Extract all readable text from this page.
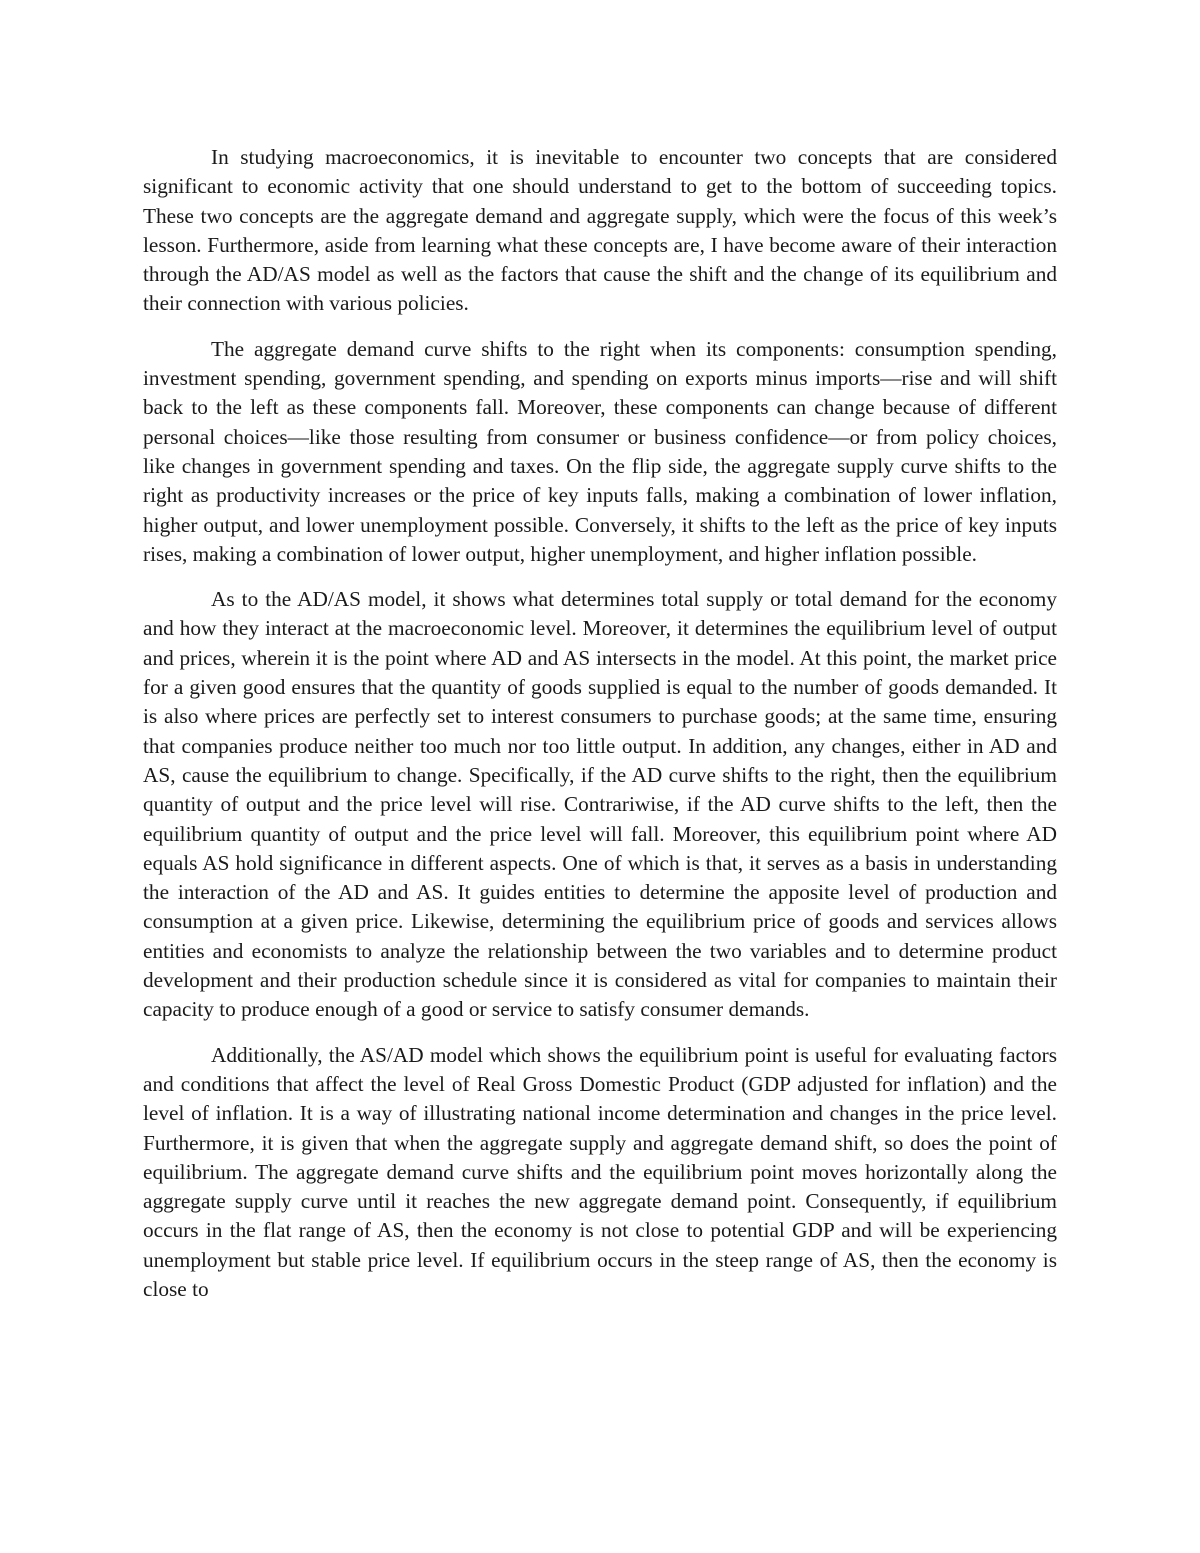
In studying macroeconomics, it is inevitable to encounter two concepts that are considered significant to economic activity that one should understand to get to the bottom of succeeding topics. These two concepts are the aggregate demand and aggregate supply, which were the focus of this week’s lesson. Furthermore, aside from learning what these concepts are, I have become aware of their interaction through the AD/AS model as well as the factors that cause the shift and the change of its equilibrium and their connection with various policies.

The aggregate demand curve shifts to the right when its components: consumption spending, investment spending, government spending, and spending on exports minus imports—rise and will shift back to the left as these components fall. Moreover, these components can change because of different personal choices—like those resulting from consumer or business confidence—or from policy choices, like changes in government spending and taxes. On the flip side, the aggregate supply curve shifts to the right as productivity increases or the price of key inputs falls, making a combination of lower inflation, higher output, and lower unemployment possible. Conversely, it shifts to the left as the price of key inputs rises, making a combination of lower output, higher unemployment, and higher inflation possible.

As to the AD/AS model, it shows what determines total supply or total demand for the economy and how they interact at the macroeconomic level. Moreover, it determines the equilibrium level of output and prices, wherein it is the point where AD and AS intersects in the model. At this point, the market price for a given good ensures that the quantity of goods supplied is equal to the number of goods demanded. It is also where prices are perfectly set to interest consumers to purchase goods; at the same time, ensuring that companies produce neither too much nor too little output. In addition, any changes, either in AD and AS, cause the equilibrium to change. Specifically, if the AD curve shifts to the right, then the equilibrium quantity of output and the price level will rise. Contrariwise, if the AD curve shifts to the left, then the equilibrium quantity of output and the price level will fall. Moreover, this equilibrium point where AD equals AS hold significance in different aspects. One of which is that, it serves as a basis in understanding the interaction of the AD and AS. It guides entities to determine the apposite level of production and consumption at a given price. Likewise, determining the equilibrium price of goods and services allows entities and economists to analyze the relationship between the two variables and to determine product development and their production schedule since it is considered as vital for companies to maintain their capacity to produce enough of a good or service to satisfy consumer demands.

Additionally, the AS/AD model which shows the equilibrium point is useful for evaluating factors and conditions that affect the level of Real Gross Domestic Product (GDP adjusted for inflation) and the level of inflation. It is a way of illustrating national income determination and changes in the price level. Furthermore, it is given that when the aggregate supply and aggregate demand shift, so does the point of equilibrium. The aggregate demand curve shifts and the equilibrium point moves horizontally along the aggregate supply curve until it reaches the new aggregate demand point. Consequently, if equilibrium occurs in the flat range of AS, then the economy is not close to potential GDP and will be experiencing unemployment but stable price level. If equilibrium occurs in the steep range of AS, then the economy is close to
